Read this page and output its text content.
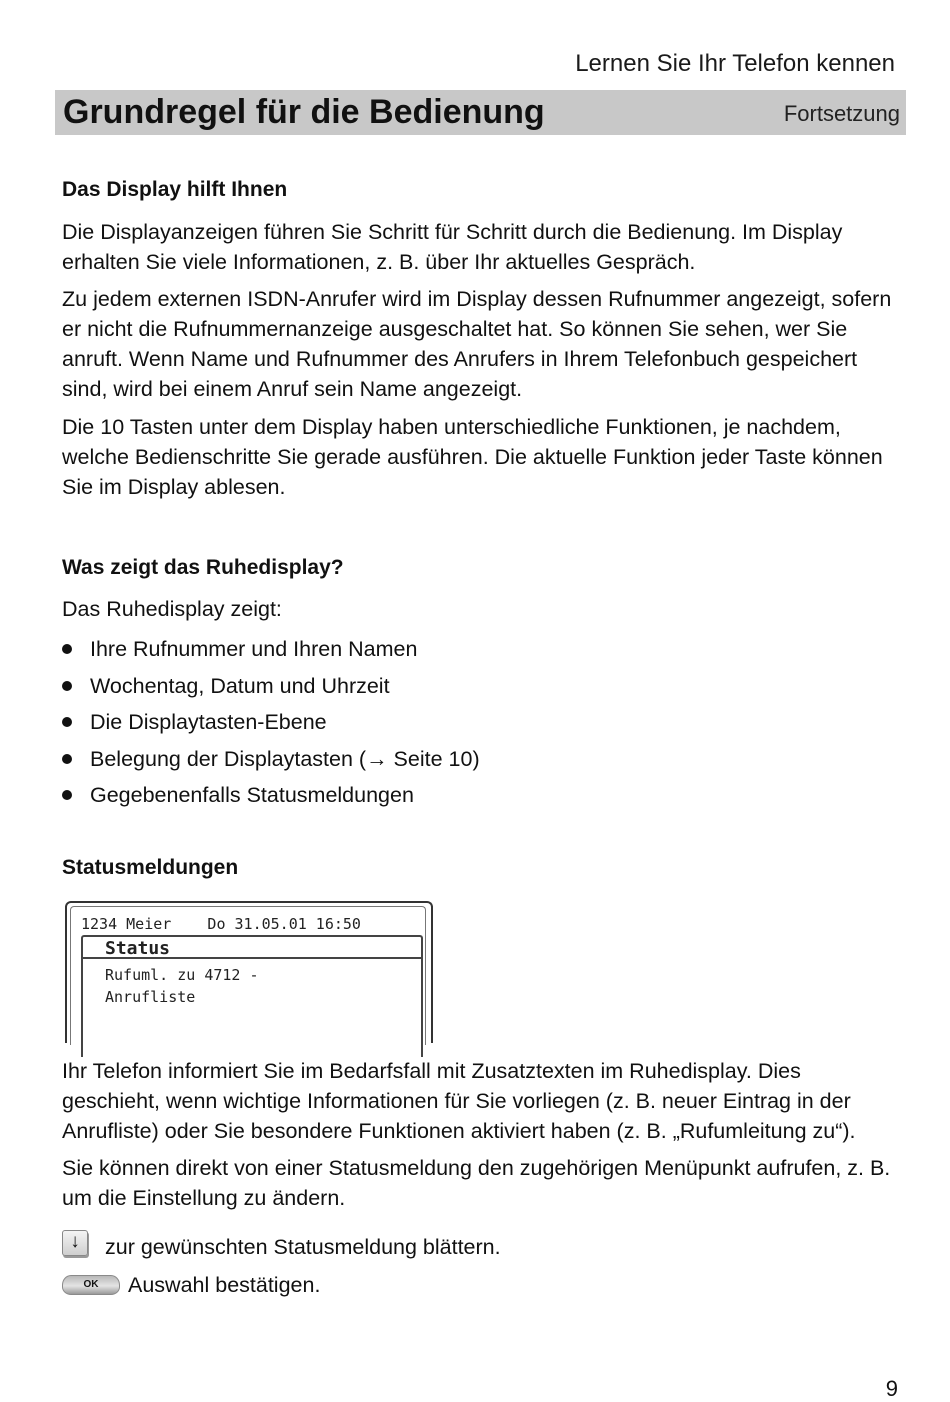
Lernen Sie Ihr Telefon kennen
Grundregel für die Bedienung	Fortsetzung
Das Display hilft Ihnen

Die Displayanzeigen führen Sie Schritt für Schritt durch die Bedienung. Im Display erhalten Sie viele Informationen, z. B. über Ihr aktuelles Gespräch.

Zu jedem externen ISDN-Anrufer wird im Display dessen Rufnummer angezeigt, sofern er nicht die Rufnummernanzeige ausgeschaltet hat. So können Sie sehen, wer Sie anruft. Wenn Name und Rufnummer des Anrufers in Ihrem Telefonbuch gespeichert sind, wird bei einem Anruf sein Name angezeigt.

Die 10 Tasten unter dem Display haben unterschiedliche Funktionen, je nachdem, welche Bedienschritte Sie gerade ausführen. Die aktuelle Funktion jeder Taste können Sie im Display ablesen.

Was zeigt das Ruhedisplay?

Das Ruhedisplay zeigt:

Ihre Rufnummer und Ihren Namen
Wochentag, Datum und Uhrzeit
Die Displaytasten-Ebene
Belegung der Displaytasten (→ Seite 10)
Gegebenenfalls Statusmeldungen
Statusmeldungen
1234 Meier    Do 31.05.01 16:50
Status
Rufuml. zu 4712 -
Anrufliste

Ihr Telefon informiert Sie im Bedarfsfall mit Zusatztexten im Ruhedisplay. Dies geschieht, wenn wichtige Informationen für Sie vorliegen (z. B. neuer Eintrag in der Anrufliste) oder Sie besondere Funktionen aktiviert haben (z. B. „Rufumleitung zu“).

Sie können direkt von einer Statusmeldung den zugehörigen Menüpunkt aufrufen, z. B. um die Einstellung zu ändern.

↓	zur gewünschten Statusmeldung blättern.
OK	Auswahl bestätigen.
9
